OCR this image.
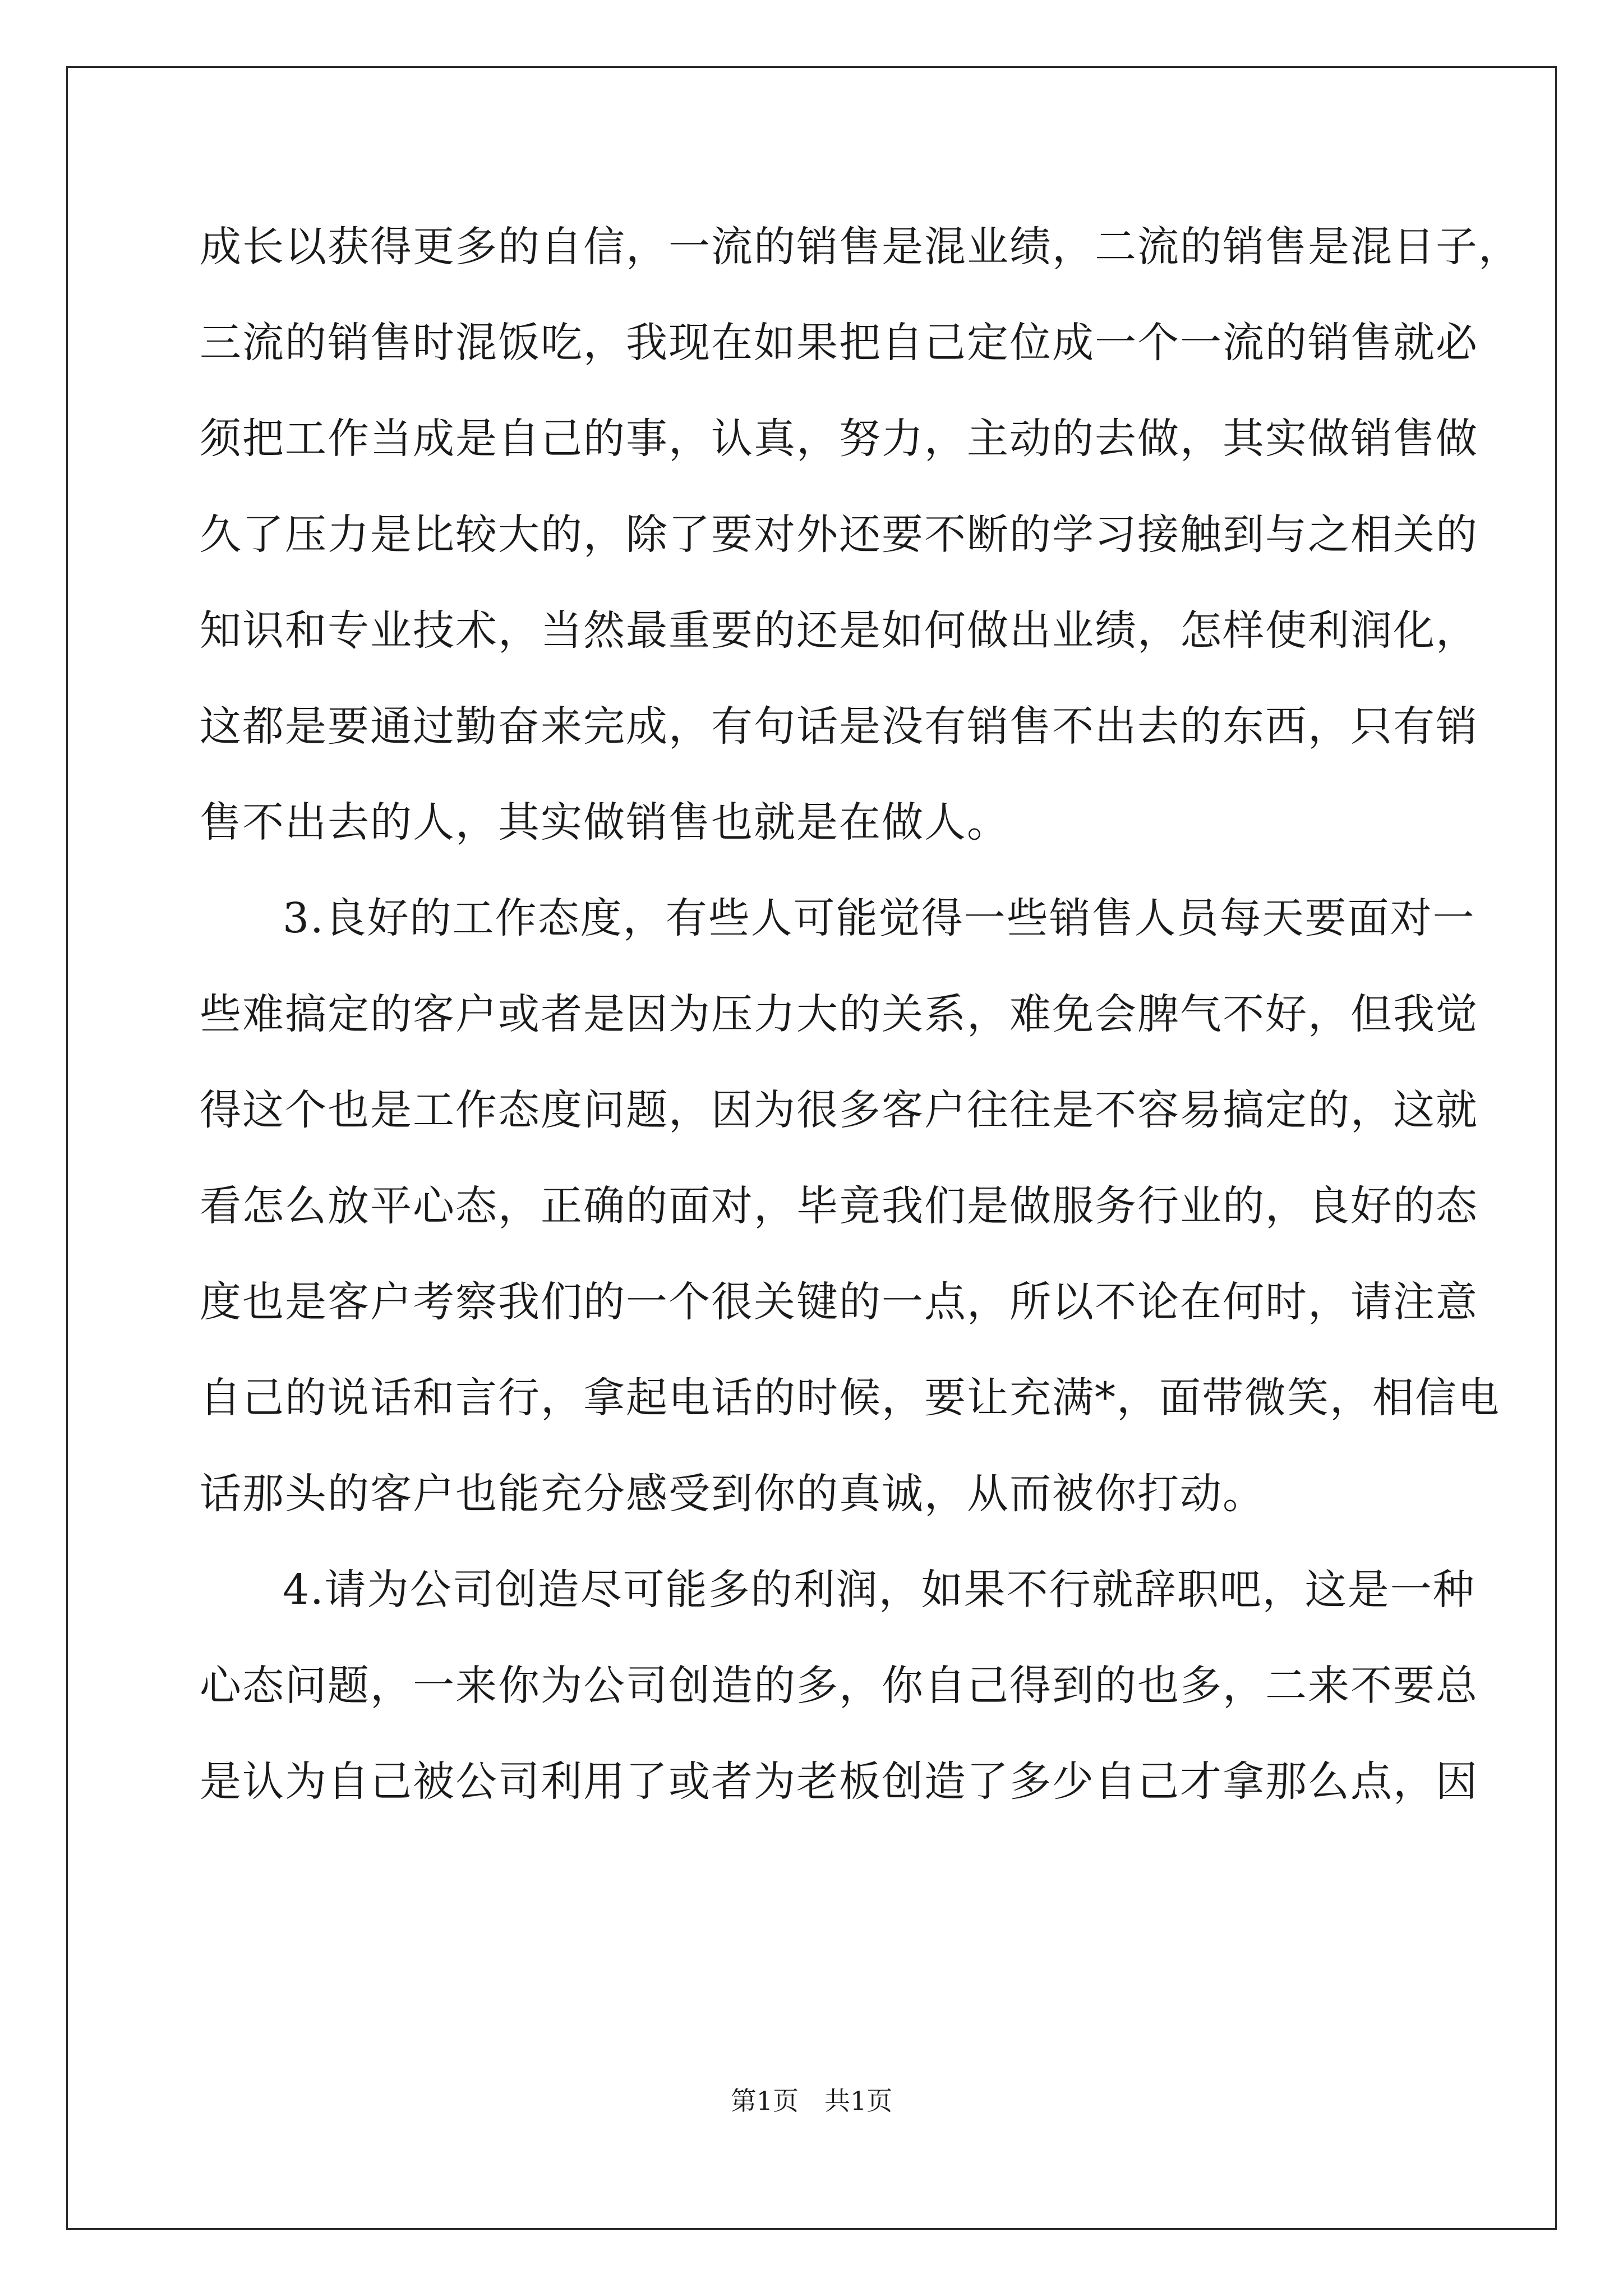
成长以获得更多的自信，一流的销售是混业绩，二流的销售是混日子，
三流的销售时混饭吃，我现在如果把自己定位成一个一流的销售就必
须把工作当成是自己的事，认真，努力，主动的去做，其实做销售做
久了压力是比较大的，除了要对外还要不断的学习接触到与之相关的
知识和专业技术，当然最重要的还是如何做出业绩，怎样使利润化，
这都是要通过勤奋来完成，有句话是没有销售不出去的东西，只有销
售不出去的人，其实做销售也就是在做人。
3.良好的工作态度，有些人可能觉得一些销售人员每天要面对一
些难搞定的客户或者是因为压力大的关系，难免会脾气不好，但我觉
得这个也是工作态度问题，因为很多客户往往是不容易搞定的，这就
看怎么放平心态，正确的面对，毕竟我们是做服务行业的，良好的态
度也是客户考察我们的一个很关键的一点，所以不论在何时，请注意
自己的说话和言行，拿起电话的时候，要让充满*，面带微笑，相信电
话那头的客户也能充分感受到你的真诚，从而被你打动。
4.请为公司创造尽可能多的利润，如果不行就辞职吧，这是一种
心态问题，一来你为公司创造的多，你自己得到的也多，二来不要总
是认为自己被公司利用了或者为老板创造了多少自己才拿那么点，因
第1页 共1页
